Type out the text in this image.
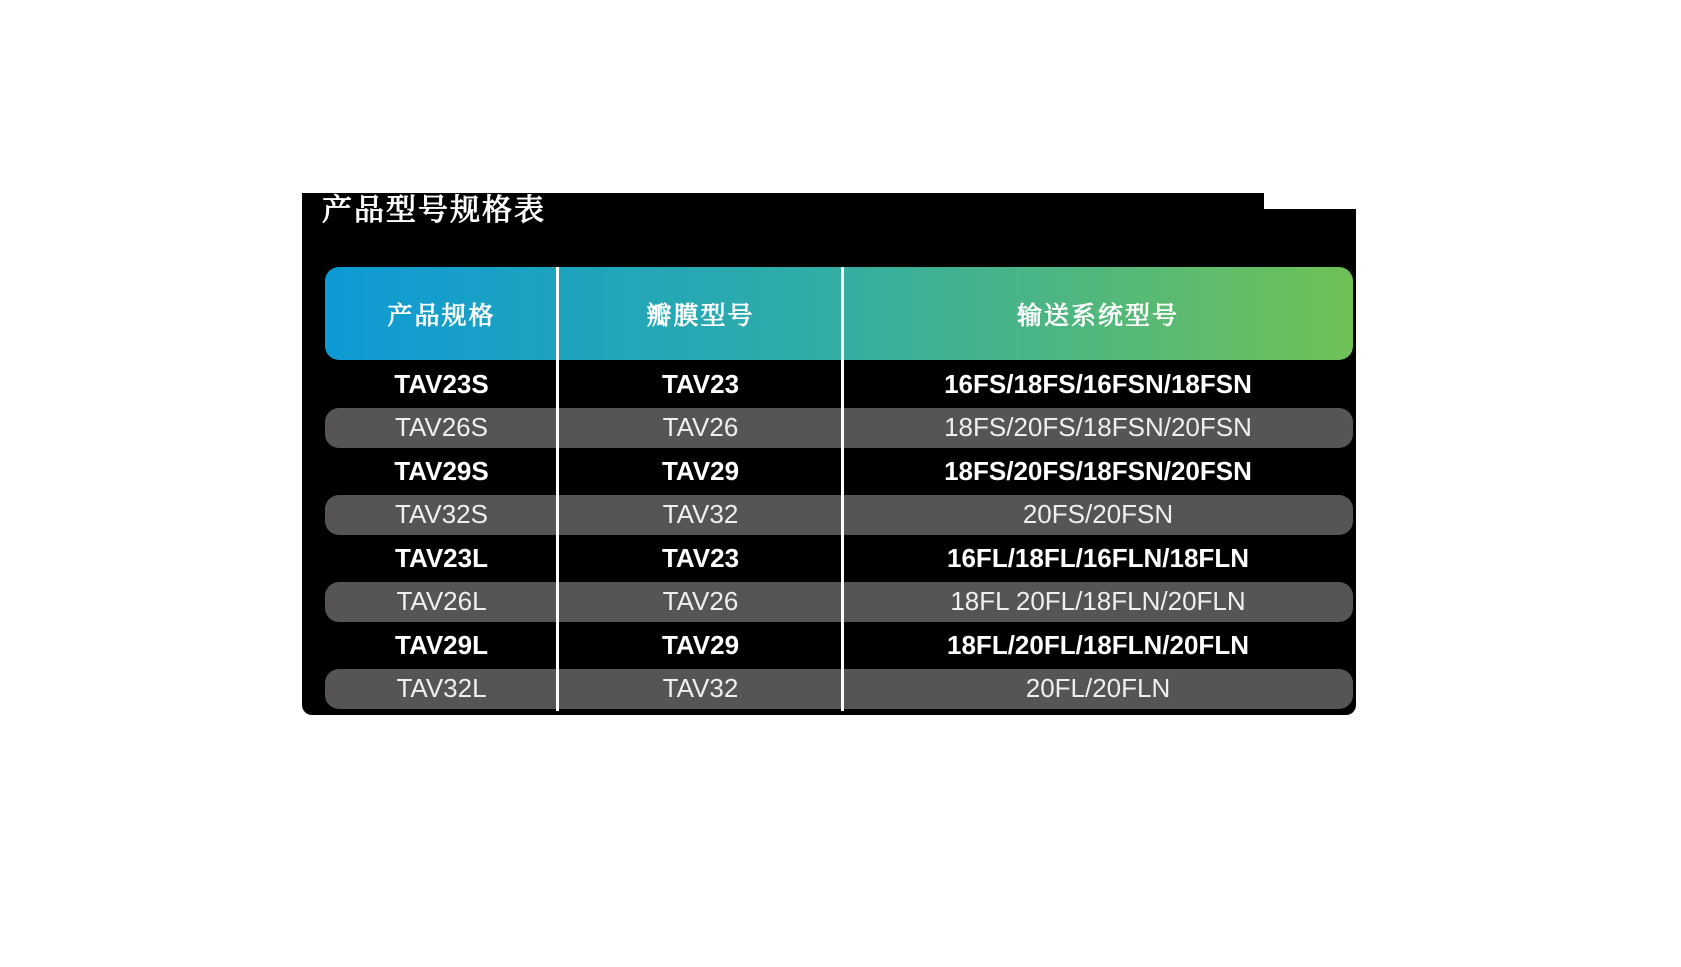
产品型号规格表
产品规格	瓣膜型号	输送系统型号
TAV23S	TAV23	16FS/18FS/16FSN/18FSN
TAV26S	TAV26	18FS/20FS/18FSN/20FSN
TAV29S	TAV29	18FS/20FS/18FSN/20FSN
TAV32S	TAV32	20FS/20FSN
TAV23L	TAV23	16FL/18FL/16FLN/18FLN
TAV26L	TAV26	18FL 20FL/18FLN/20FLN
TAV29L	TAV29	18FL/20FL/18FLN/20FLN
TAV32L	TAV32	20FL/20FLN
